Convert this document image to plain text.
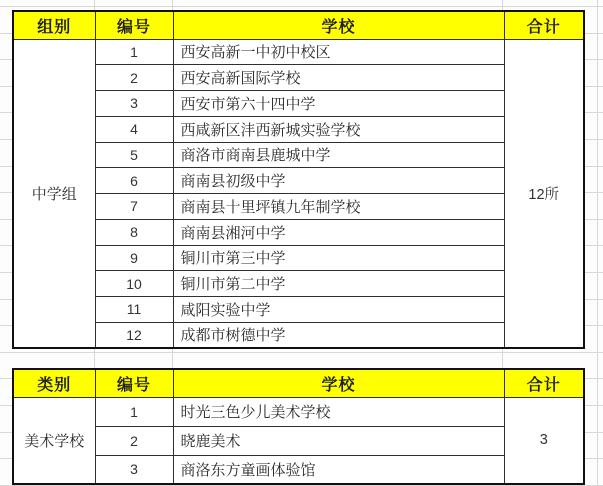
组别	编号	学校	合计
中学组	1	西安高新一中初中校区	12所
	2	西安高新国际学校	
	3	西安市第六十四中学	
	4	西咸新区沣西新城实验学校	
	5	商洛市商南县鹿城中学	
	6	商南县初级中学	
	7	商南县十里坪镇九年制学校	
	8	商南县湘河中学	
	9	铜川市第三中学	
	10	铜川市第二中学	
	11	咸阳实验中学	
	12	成都市树德中学	
类别	编号	学校	合计
美术学校	1	时光三色少儿美术学校	3
	2	晓鹿美术	
	3	商洛东方童画体验馆	
